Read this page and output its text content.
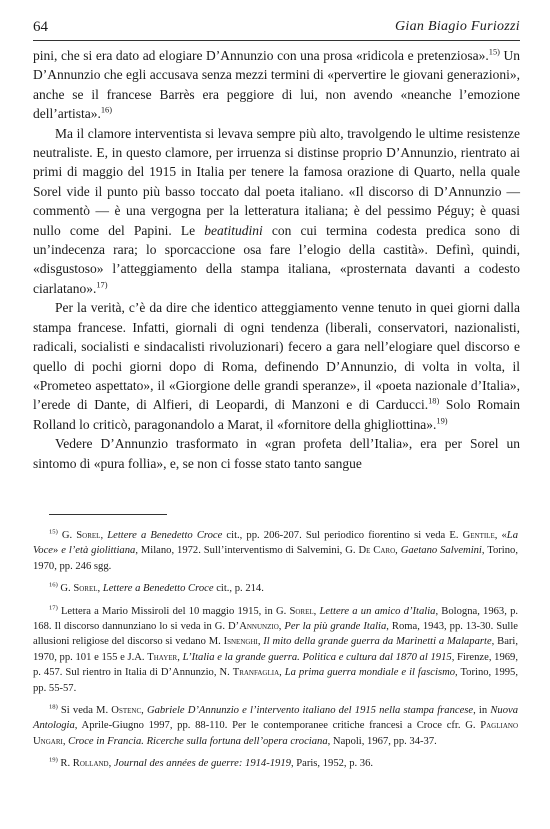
64	Gian Biagio Furiozzi

pini, che si era dato ad elogiare D’Annunzio con una prosa «ridicola e pretenziosa».$^{15)}$ Un D’Annunzio che egli accusava senza mezzi termini di «pervertire le giovani generazioni», anche se il francese Barrès era peggiore di lui, non avendo «neanche l’emozione dell’artista».$^{16)}$

Ma il clamore interventista si levava sempre più alto, travolgendo le ultime resistenze neutraliste. E, in questo clamore, per irruenza si distinse proprio D’Annunzio, rientrato ai primi di maggio del 1915 in Italia per tenere la famosa orazione di Quarto, nella quale Sorel vide il punto più basso toccato dal poeta italiano. «Il discorso di D’Annunzio — commentò — è una vergogna per la letteratura italiana; è del pessimo Péguy; è quasi nullo come del Papini. Le beatitudini con cui termina codesta predica sono di un’indecenza rara; lo sporcaccione osa fare l’elogio della castità». Definì, quindi, «disgustoso» l’atteggiamento della stampa italiana, «prosternata davanti a codesto ciarlatano».$^{17)}$

Per la verità, c’è da dire che identico atteggiamento venne tenuto in quei giorni dalla stampa francese. Infatti, giornali di ogni tendenza (liberali, conservatori, nazionalisti, radicali, socialisti e sindacalisti rivoluzionari) fecero a gara nell’elogiare quel discorso e quello di pochi giorni dopo di Roma, definendo D’Annunzio, di volta in volta, il «Prometeo aspettato», il «Giorgione delle grandi speranze», il «poeta nazionale d’Italia», l’erede di Dante, di Alfieri, di Leopardi, di Manzoni e di Carducci.$^{18)}$ Solo Romain Rolland lo criticò, paragonandolo a Marat, il «fornitore della ghigliottina».$^{19)}$

Vedere D’Annunzio trasformato in «gran profeta dell’Italia», era per Sorel un sintomo di «pura follia», e, se non ci fosse stato tanto sangue

$^{15)}$ G. Sorel, Lettere a Benedetto Croce cit., pp. 206-207. Sul periodico fiorentino si veda E. Gentile, «La Voce» e l’età giolittiana, Milano, 1972. Sull’interventismo di Salvemini, G. De Caro, Gaetano Salvemini, Torino, 1970, pp. 246 sgg.

$^{16)}$ G. Sorel, Lettere a Benedetto Croce cit., p. 214.

$^{17)}$ Lettera a Mario Missiroli del 10 maggio 1915, in G. Sorel, Lettere a un amico d’Italia, Bologna, 1963, p. 168. Il discorso dannunziano lo si veda in G. D’Annunzio, Per la più grande Italia, Roma, 1943, pp. 13-30. Sulle allusioni religiose del discorso si vedano M. Isnenghi, Il mito della grande guerra da Marinetti a Malaparte, Bari, 1970, pp. 101 e 155 e J.A. Thayer, L’Italia e la grande guerra. Politica e cultura dal 1870 al 1915, Firenze, 1969, p. 457. Sul rientro in Italia di D’Annunzio, N. Tranfaglia, La prima guerra mondiale e il fascismo, Torino, 1995, pp. 55-57.

$^{18)}$ Si veda M. Ostenc, Gabriele D’Annunzio e l’intervento italiano del 1915 nella stampa francese, in Nuova Antologia, Aprile-Giugno 1997, pp. 88-110. Per le contemporanee critiche francesi a Croce cfr. G. Pagliano Ungari, Croce in Francia. Ricerche sulla fortuna dell’opera crociana, Napoli, 1967, pp. 34-37.

$^{19)}$ R. Rolland, Journal des années de guerre: 1914-1919, Paris, 1952, p. 36.
